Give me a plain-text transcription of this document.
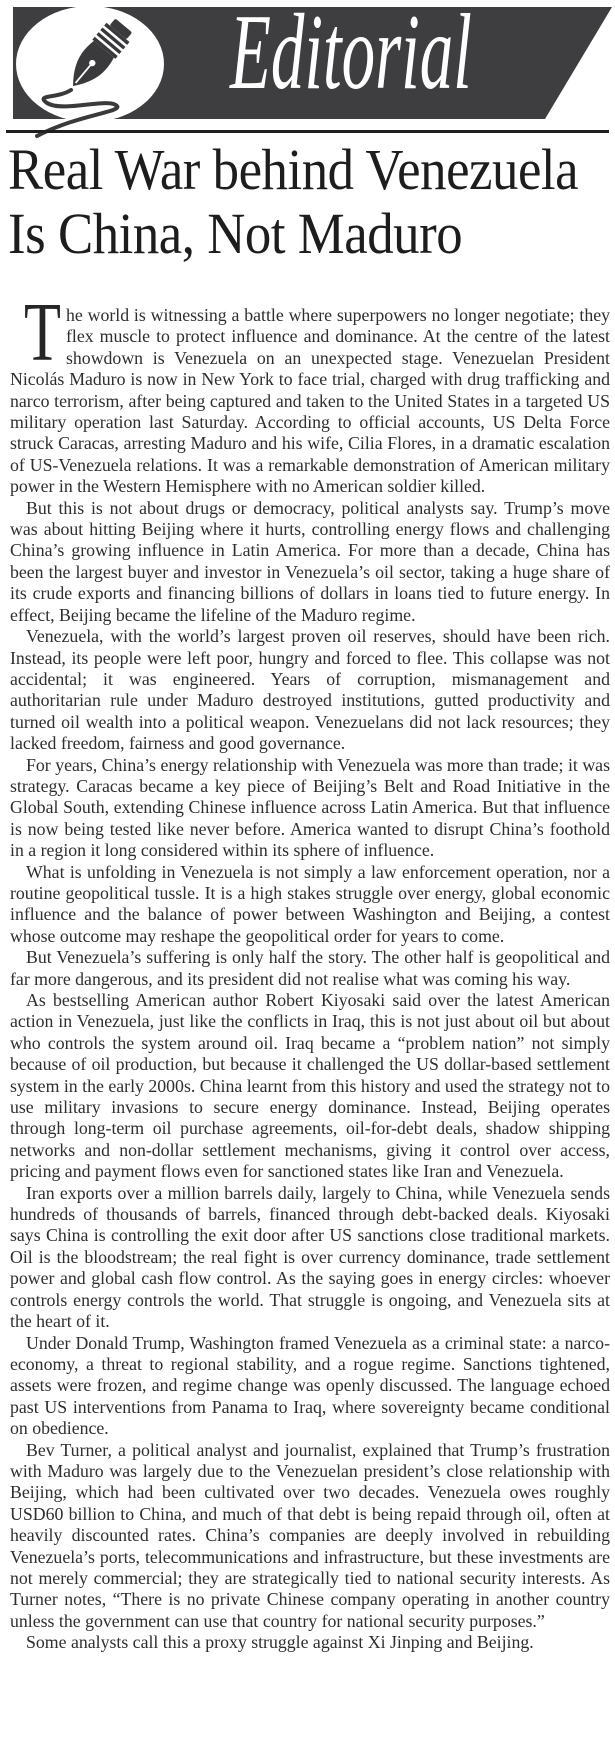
Editorial
Real War behind Venezuela
Is China, Not Maduro

The world is witnessing a battle where superpowers no longer negotiate; they flex muscle to protect influence and dominance. At the centre of the latest showdown is Venezuela on an unexpected stage. Venezuelan President Nicolás Maduro is now in New York to face trial, charged with drug trafficking and narco terrorism, after being captured and taken to the United States in a targeted US military operation last Saturday. According to official accounts, US Delta Force struck Caracas, arresting Maduro and his wife, Cilia Flores, in a dramatic escalation of US-Venezuela relations. It was a remarkable demonstration of American military power in the Western Hemisphere with no American soldier killed.

But this is not about drugs or democracy, political analysts say. Trump’s move was about hitting Beijing where it hurts, controlling energy flows and challenging China’s growing influence in Latin America. For more than a decade, China has been the largest buyer and investor in Venezuela’s oil sector, taking a huge share of its crude exports and financing billions of dollars in loans tied to future energy. In effect, Beijing became the lifeline of the Maduro regime.

Venezuela, with the world’s largest proven oil reserves, should have been rich. Instead, its people were left poor, hungry and forced to flee. This collapse was not accidental; it was engineered. Years of corruption, mismanagement and authoritarian rule under Maduro destroyed institutions, gutted productivity and turned oil wealth into a political weapon. Venezuelans did not lack resources; they lacked freedom, fairness and good governance.

For years, China’s energy relationship with Venezuela was more than trade; it was strategy. Caracas became a key piece of Beijing’s Belt and Road Initiative in the Global South, extending Chinese influence across Latin America. But that influence is now being tested like never before. America wanted to disrupt China’s foothold in a region it long considered within its sphere of influence.

What is unfolding in Venezuela is not simply a law enforcement operation, nor a routine geopolitical tussle. It is a high stakes struggle over energy, global economic influence and the balance of power between Washington and Beijing, a contest whose outcome may reshape the geopolitical order for years to come.

But Venezuela’s suffering is only half the story. The other half is geopolitical and far more dangerous, and its president did not realise what was coming his way.

As bestselling American author Robert Kiyosaki said over the latest American action in Venezuela, just like the conflicts in Iraq, this is not just about oil but about who controls the system around oil. Iraq became a “problem nation” not simply because of oil production, but because it challenged the US dollar-based settlement system in the early 2000s. China learnt from this history and used the strategy not to use military invasions to secure energy dominance. Instead, Beijing operates through long-term oil purchase agreements, oil-for-debt deals, shadow shipping networks and non-dollar settlement mechanisms, giving it control over access, pricing and payment flows even for sanctioned states like Iran and Venezuela.

Iran exports over a million barrels daily, largely to China, while Venezuela sends hundreds of thousands of barrels, financed through debt-backed deals. Kiyosaki says China is controlling the exit door after US sanctions close traditional markets. Oil is the bloodstream; the real fight is over currency dominance, trade settlement power and global cash flow control. As the saying goes in energy circles: whoever controls energy controls the world. That struggle is ongoing, and Venezuela sits at the heart of it.

Under Donald Trump, Washington framed Venezuela as a criminal state: a narco-economy, a threat to regional stability, and a rogue regime. Sanctions tightened, assets were frozen, and regime change was openly discussed. The language echoed past US interventions from Panama to Iraq, where sovereignty became conditional on obedience.

Bev Turner, a political analyst and journalist, explained that Trump’s frustration with Maduro was largely due to the Venezuelan president’s close relationship with Beijing, which had been cultivated over two decades. Venezuela owes roughly USD60 billion to China, and much of that debt is being repaid through oil, often at heavily discounted rates. China’s companies are deeply involved in rebuilding Venezuela’s ports, telecommunications and infrastructure, but these investments are not merely commercial; they are strategically tied to national security interests. As Turner notes, “There is no private Chinese company operating in another country unless the government can use that country for national security purposes.”

Some analysts call this a proxy struggle against Xi Jinping and Beijing.
